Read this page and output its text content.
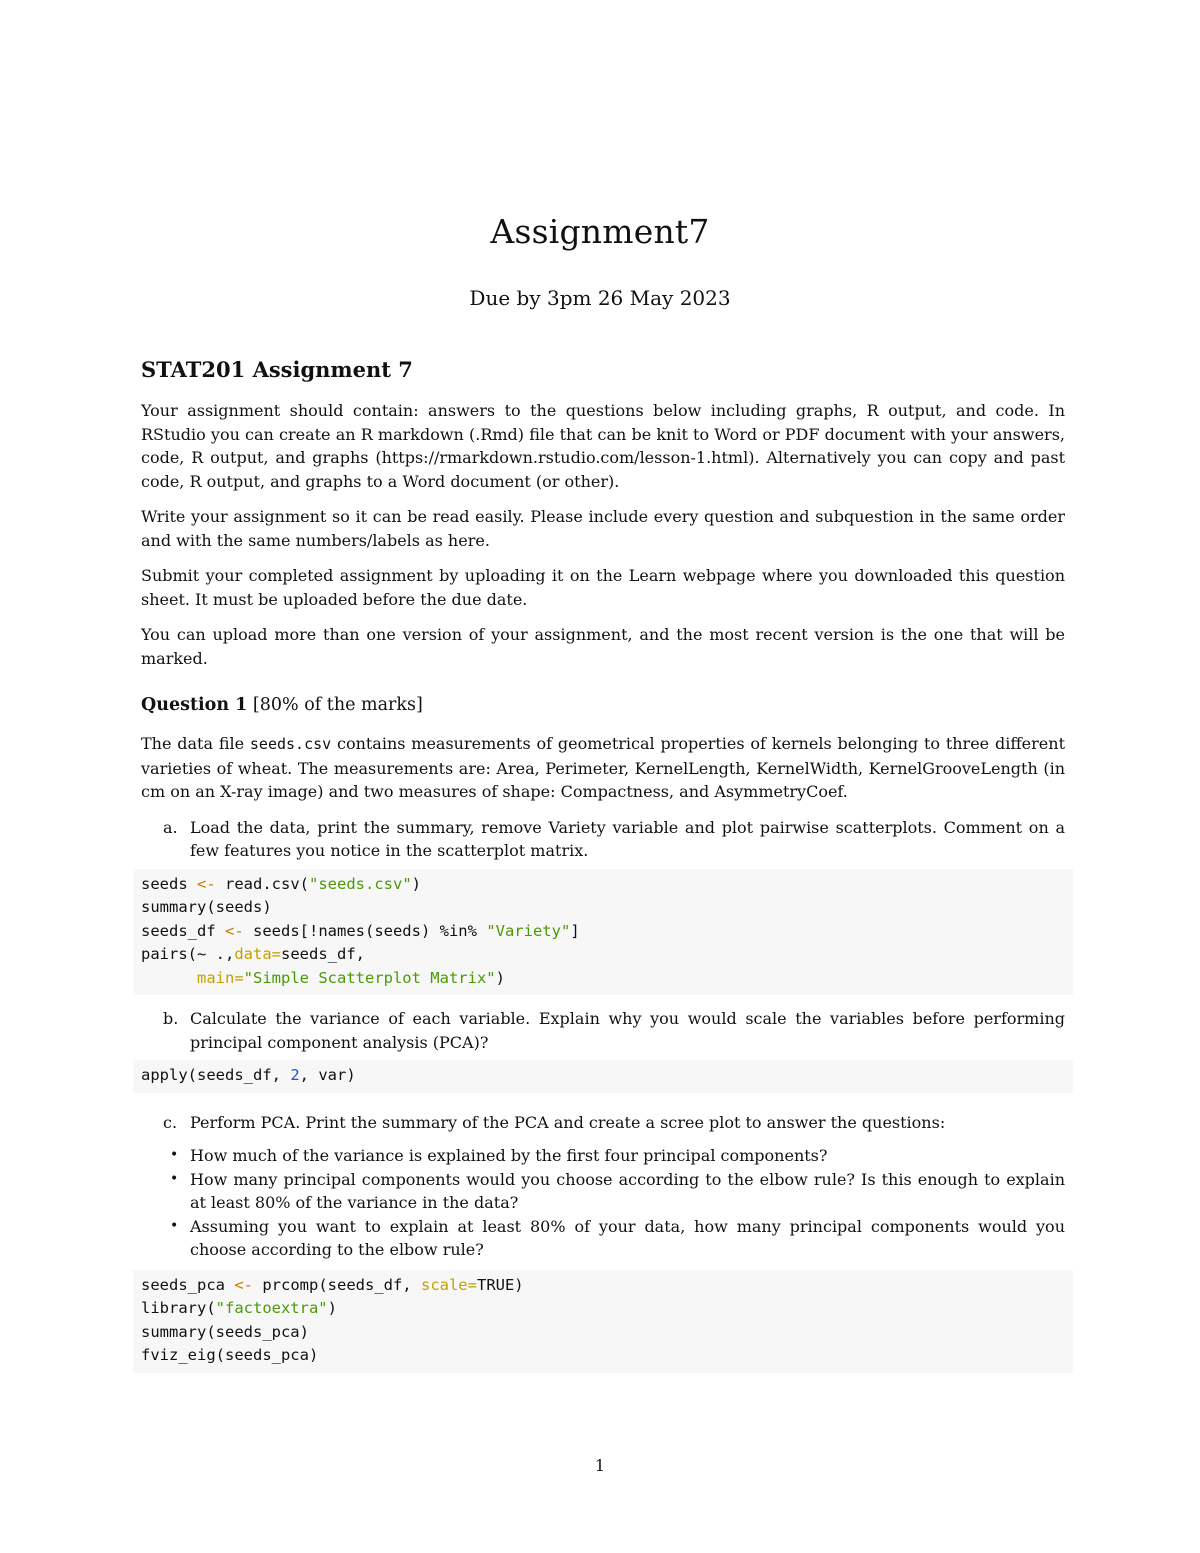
Assignment7
Due by 3pm 26 May 2023
STAT201 Assignment 7

Your assignment should contain: answers to the questions below including graphs, R output, and code. In RStudio you can create an R markdown (.Rmd) file that can be knit to Word or PDF document with your answers, code, R output, and graphs (https://rmarkdown.rstudio.com/lesson-1.html). Alternatively you can copy and past code, R output, and graphs to a Word document (or other).

Write your assignment so it can be read easily. Please include every question and subquestion in the same order and with the same numbers/labels as here.

Submit your completed assignment by uploading it on the Learn webpage where you downloaded this question sheet. It must be uploaded before the due date.

You can upload more than one version of your assignment, and the most recent version is the one that will be marked.

Question 1 [80% of the marks]

The data file seeds.csv contains measurements of geometrical properties of kernels belonging to three different varieties of wheat. The measurements are: Area, Perimeter, KernelLength, KernelWidth, KernelGrooveLength (in cm on an X-ray image) and two measures of shape: Compactness, and AsymmetryCoef.

a. Load the data, print the summary, remove Variety variable and plot pairwise scatterplots. Comment on a few features you notice in the scatterplot matrix.
seeds <- read.csv("seeds.csv")
summary(seeds)
seeds_df <- seeds[!names(seeds) %in% "Variety"]
pairs(~ .,data=seeds_df,
main="Simple Scatterplot Matrix")
b. Calculate the variance of each variable. Explain why you would scale the variables before performing principal component analysis (PCA)?
apply(seeds_df, 2, var)
c. Perform PCA. Print the summary of the PCA and create a scree plot to answer the questions:
• How much of the variance is explained by the first four principal components?
• How many principal components would you choose according to the elbow rule? Is this enough to explain at least 80% of the variance in the data?
• Assuming you want to explain at least 80% of your data, how many principal components would you choose according to the elbow rule?
seeds_pca <- prcomp(seeds_df, scale=TRUE)
library("factoextra")
summary(seeds_pca)
fviz_eig(seeds_pca)
1
